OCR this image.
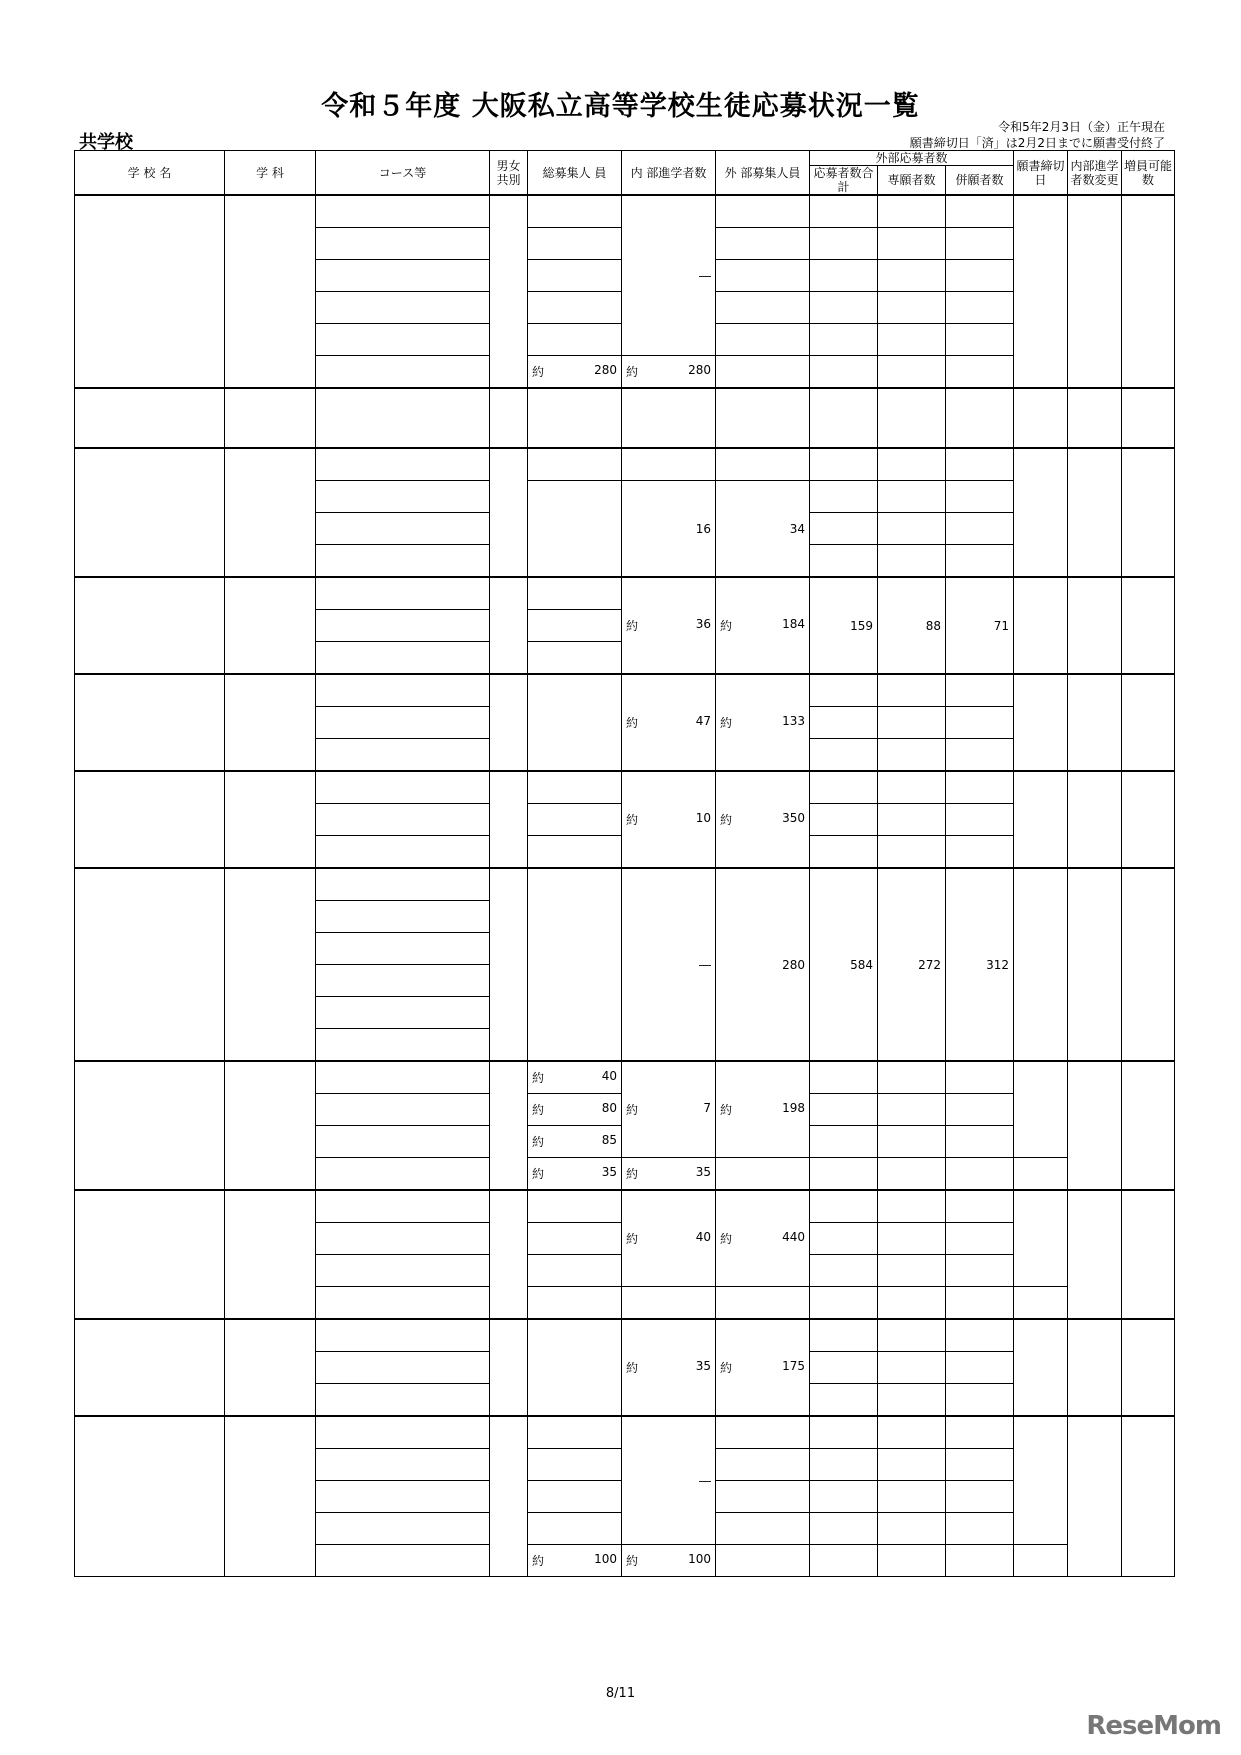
令和５年度 大阪私立高等学校生徒応募状況一覧
令和5年2月3日（金）正午現在
願書締切日「済」は2月2日までに願書受付終了
共学校
学 校 名	学 科	コース等	男女共別	総募集人 員	内 部進学者数	外 部募集人員	外部応募者数			願書締切日	内部進学者数変更	増員可能数
							応募者数合計	専願者数	併願者数			

					―							

				約 280	約 280							

					16	34						

					約 36	約 184	159	88	71			

					約 47	約 133						

					約 10	約 350						

					―	280	584	272	312			

				約 40	約 7	約 198						

				約 80								

				約 85								

				約 35	約 35							

					約 40	約 440						

					約 35	約 175						

					―							

				約 100	約 100							

8/11
ReseMom
